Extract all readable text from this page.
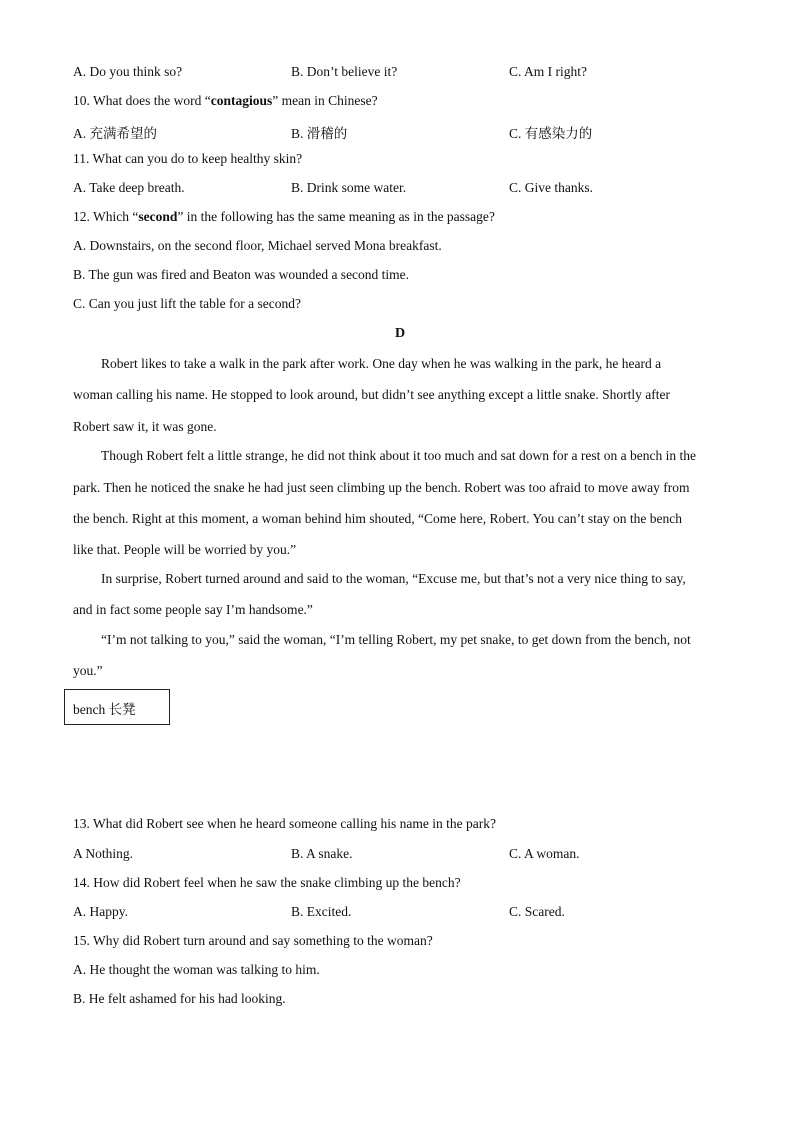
A. Do you think so?	B. Don’t believe it?	C. Am I right?
10. What does the word “contagious” mean in Chinese?
A. 充满希望的	B. 滑稽的	C. 有感染力的
11. What can you do to keep healthy skin?
A. Take deep breath.	B. Drink some water.	C. Give thanks.
12. Which “second” in the following has the same meaning as in the passage?
A. Downstairs, on the second floor, Michael served Mona breakfast.
B. The gun was fired and Beaton was wounded a second time.
C. Can you just lift the table for a second?
D
Robert likes to take a walk in the park after work. One day when he was walking in the park, he heard a
woman calling his name. He stopped to look around, but didn’t see anything except a little snake. Shortly after
Robert saw it, it was gone.
Though Robert felt a little strange, he did not think about it too much and sat down for a rest on a bench in the
park. Then he noticed the snake he had just seen climbing up the bench. Robert was too afraid to move away from
the bench. Right at this moment, a woman behind him shouted, “Come here, Robert. You can’t stay on the bench
like that. People will be worried by you.”
In surprise, Robert turned around and said to the woman, “Excuse me, but that’s not a very nice thing to say,
and in fact some people say I’m handsome.”
“I’m not talking to you,” said the woman, “I’m telling Robert, my pet snake, to get down from the bench, not
you.”
bench 长凳
13. What did Robert see when he heard someone calling his name in the park?
A Nothing.	B. A snake.	C. A woman.
14. How did Robert feel when he saw the snake climbing up the bench?
A. Happy.	B. Excited.	C. Scared.
15. Why did Robert turn around and say something to the woman?
A. He thought the woman was talking to him.
B. He felt ashamed for his had looking.
